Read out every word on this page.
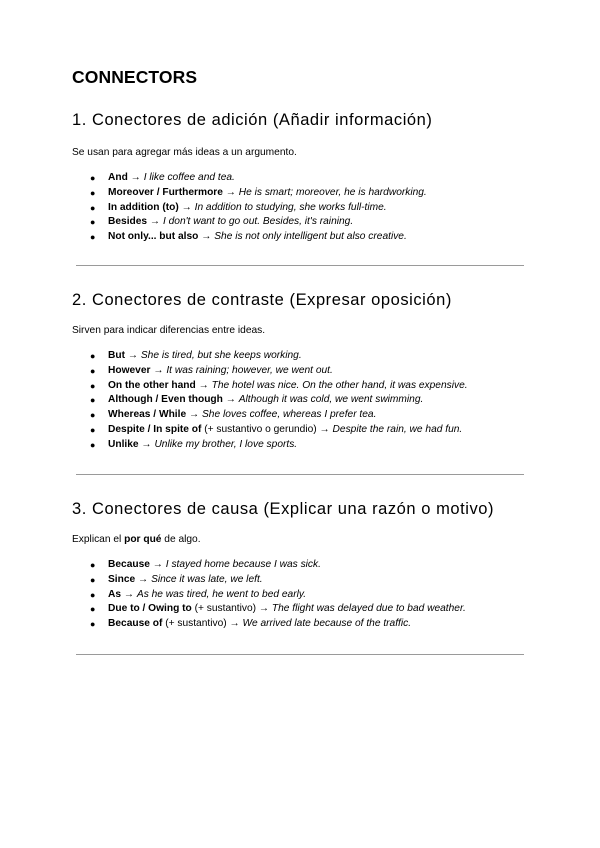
CONNECTORS
1. Conectores de adición (Añadir información)

Se usan para agregar más ideas a un argumento.

● And → I like coffee and tea.
● Moreover / Furthermore → He is smart; moreover, he is hardworking.
● In addition (to) → In addition to studying, she works full-time.
● Besides → I don't want to go out. Besides, it's raining.
● Not only... but also → She is not only intelligent but also creative.
2. Conectores de contraste (Expresar oposición)

Sirven para indicar diferencias entre ideas.

● But → She is tired, but she keeps working.
● However → It was raining; however, we went out.
● On the other hand → The hotel was nice. On the other hand, it was expensive.
● Although / Even though → Although it was cold, we went swimming.
● Whereas / While → She loves coffee, whereas I prefer tea.
● Despite / In spite of (+ sustantivo o gerundio) → Despite the rain, we had fun.
● Unlike → Unlike my brother, I love sports.
3. Conectores de causa (Explicar una razón o motivo)

Explican el por qué de algo.

● Because → I stayed home because I was sick.
● Since → Since it was late, we left.
● As → As he was tired, he went to bed early.
● Due to / Owing to (+ sustantivo) → The flight was delayed due to bad weather.
● Because of (+ sustantivo) → We arrived late because of the traffic.
